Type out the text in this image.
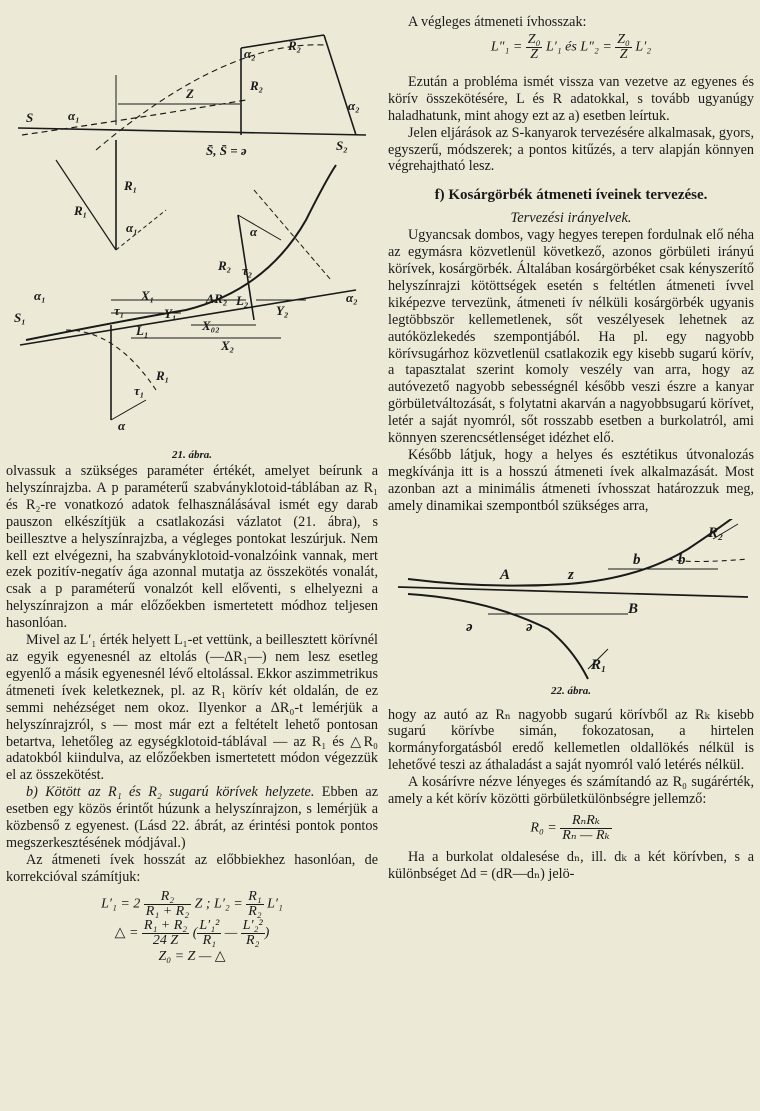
S	α₁
Z
R₂
R₂
α₂
α₂
S̄, S̄ = ə	S₂
R₁
R₁
α₁
α₁
S₁
X₁	ΔR₂
Y₁
L₁	X₀₂
X₂
L₂
Y₂
R₂ τ₂
α
α₂
R₁
τ₁
α
τ₁
21. ábra.

olvassuk a szükséges paraméter értékét, amelyet beírunk a helyszínrajzba. A p paraméterű szabványklotoid-táblában az R₁ és R₂-re vonatkozó adatok felhasználásával ismét egy darab pauszon elkészítjük a csatlakozási vázlatot (21. ábra), s beillesztve a helyszínrajzba, a végleges pontokat leszúrjuk. Nem kell ezt elvégezni, ha szabványklotoid-vonalzóink vannak, mert ezek pozitív-negatív ága azonnal mutatja az összekötés vonalát, csak a p paraméterű vonalzót kell előventi, s elhelyezni a helyszínrajzon a már előzőekben ismertetett módhoz teljesen hasonlóan.

Mivel az L′₁ érték helyett L₁-et vettünk, a beillesztett körívnél az egyik egyenesnél az eltolás (—ΔR₁—) nem lesz esetleg egyenlő a másik egyenesnél lévő eltolással. Ekkor aszimmetrikus átmeneti ívek keletkeznek, pl. az R₁ körív két oldalán, de ez semmi nehézséget nem okoz. Ilyenkor a ΔR₀-t lemérjük a helyszínrajzról, s — most már ezt a feltételt lehető pontosan betartva, lehetőleg az egységklotoid-táblával — az R₁ és △R₀ adatokból kiindulva, az előzőekben ismertetett módon végezzük el az összekötést.

b) Kötött az R₁ és R₂ sugarú körívek helyzete. Ebben az esetben egy közös érintőt húzunk a helyszínrajzon, s lemérjük a közbenső z egyenest. (Lásd 22. ábrát, az érintési pontok pontos megszerkesztésének módjával.)

Az átmeneti ívek hosszát az előbbiekhez hasonlóan, de korrekcióval számítjuk:

$L'_1 = 2 \frac{\text{R₂}}{\text{R₁ + R₂}}$ Z ; $L'_2 = \frac{\text{R₁}}{\text{R₂}} L'_1$
△ = $\frac{\text{R₁ + R₂}}{24 Z}$ ( $\frac{\text{L′₁²}}{\text{R₁}}$ — $\frac{\text{L′₂²}}{\text{R₂}}$ )
Z₀ = Z — △

A végleges átmeneti ívhosszak:

$L''_1 = \frac{\text{Z₀}}{Z} L'_1$ és $L''_2 = \frac{\text{Z₀}}{Z} L'_2$

Ezután a probléma ismét vissza van vezetve az egyenes és körív összekötésére, L és R adatokkal, s tovább ugyanúgy haladhatunk, mint ahogy ezt az a) esetben leírtuk.

Jelen eljárások az S-kanyarok tervezésére alkalmasak, gyors, egyszerű, módszerek; a pontos kitűzés, a terv alapján könnyen végrehajtható lesz.

f) Kosárgörbék átmeneti íveinek tervezése.

Tervezési irányelvek.

Ugyancsak dombos, vagy hegyes terepen fordulnak elő néha az egymásra közvetlenül következő, azonos görbületi irányú körívek, kosárgörbék. Általában kosárgörbéket csak kényszerítő helyszínrajzi kötöttségek esetén s feltétlen átmeneti ívvel kiképezve tervezünk, átmeneti ív nélküli kosárgörbék ugyanis legtöbbször kellemetlenek, sőt veszélyesek lehetnek az autóközlekedés szempontjából. Ha pl. egy nagyobb körívsugárhoz közvetlenül csatlakozik egy kisebb sugarú körív, a tapasztalat szerint komoly veszély van arra, hogy az autóvezető nagyobb sebességnél később veszi észre a kanyar görbületváltozását, s folytatni akarván a nagyobbsugarú körívet, letér a saját nyomról, sőt rosszabb esetben a burkolatról, ami könnyen szerencsétlenséget idézhet elő.

Később látjuk, hogy a helyes és esztétikus útvonalozás megkívánja itt is a hosszú átmeneti ívek alkalmazását. Most azonban azt a minimális átmeneti ívhosszat határozzuk meg, amely dinamikai szempontból szükséges arra,

R₂
A	z
B
b	b
ə	ə
R₁
22. ábra.

hogy az autó az Rₙ nagyobb sugarú körívből az Rₖ kisebb sugarú körívbe simán, fokozatosan, a hirtelen kormányforgatásból eredő kellemetlen oldallökés nélkül is lehetővé teszi az áthaladást a saját nyomról való letérés nélkül.

A kosárívre nézve lényeges és számítandó az R₀ sugárérték, amely a két körív közötti görbületkülönbségre jellemző:

$R_0 = \frac{\text{RₙRₖ}}{\text{Rₙ — Rₖ}}$

Ha a burkolat oldalesése dₙ, ill. dₖ a két körívben, s a különbséget Δd = (dR—dₙ) jelö-
